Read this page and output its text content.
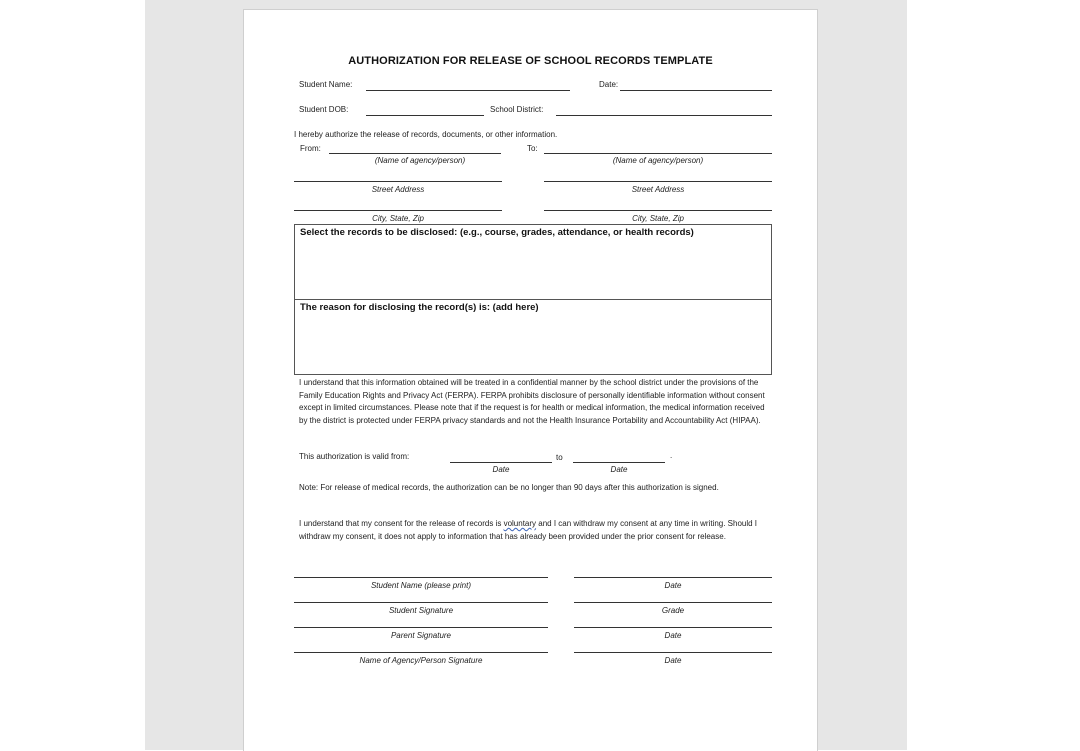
AUTHORIZATION FOR RELEASE OF SCHOOL RECORDS TEMPLATE
Student Name:	Date:
Student DOB:	School District:
I hereby authorize the release of records, documents, or other information.
From:	To:
(Name of agency/person)	(Name of agency/person)
Street Address	Street Address
City, State, Zip	City, State, Zip
Select the records to be disclosed: (e.g., course, grades, attendance, or health records)
The reason for disclosing the record(s) is: (add here)
I understand that this information obtained will be treated in a confidential manner by the school district under the provisions of the Family Education Rights and Privacy Act (FERPA). FERPA prohibits disclosure of personally identifiable information without consent except in limited circumstances. Please note that if the request is for health or medical information, the medical information received by the district is protected under FERPA privacy standards and not the Health Insurance Portability and Accountability Act (HIPAA).
This authorization is valid from:	to	.
Date	Date
Note: For release of medical records, the authorization can be no longer than 90 days after this authorization is signed.
I understand that my consent for the release of records is voluntary and I can withdraw my consent at any time in writing. Should I withdraw my consent, it does not apply to information that has already been provided under the prior consent for release.
Student Name (please print)	Date
Student Signature	Grade
Parent Signature	Date
Name of Agency/Person Signature	Date
